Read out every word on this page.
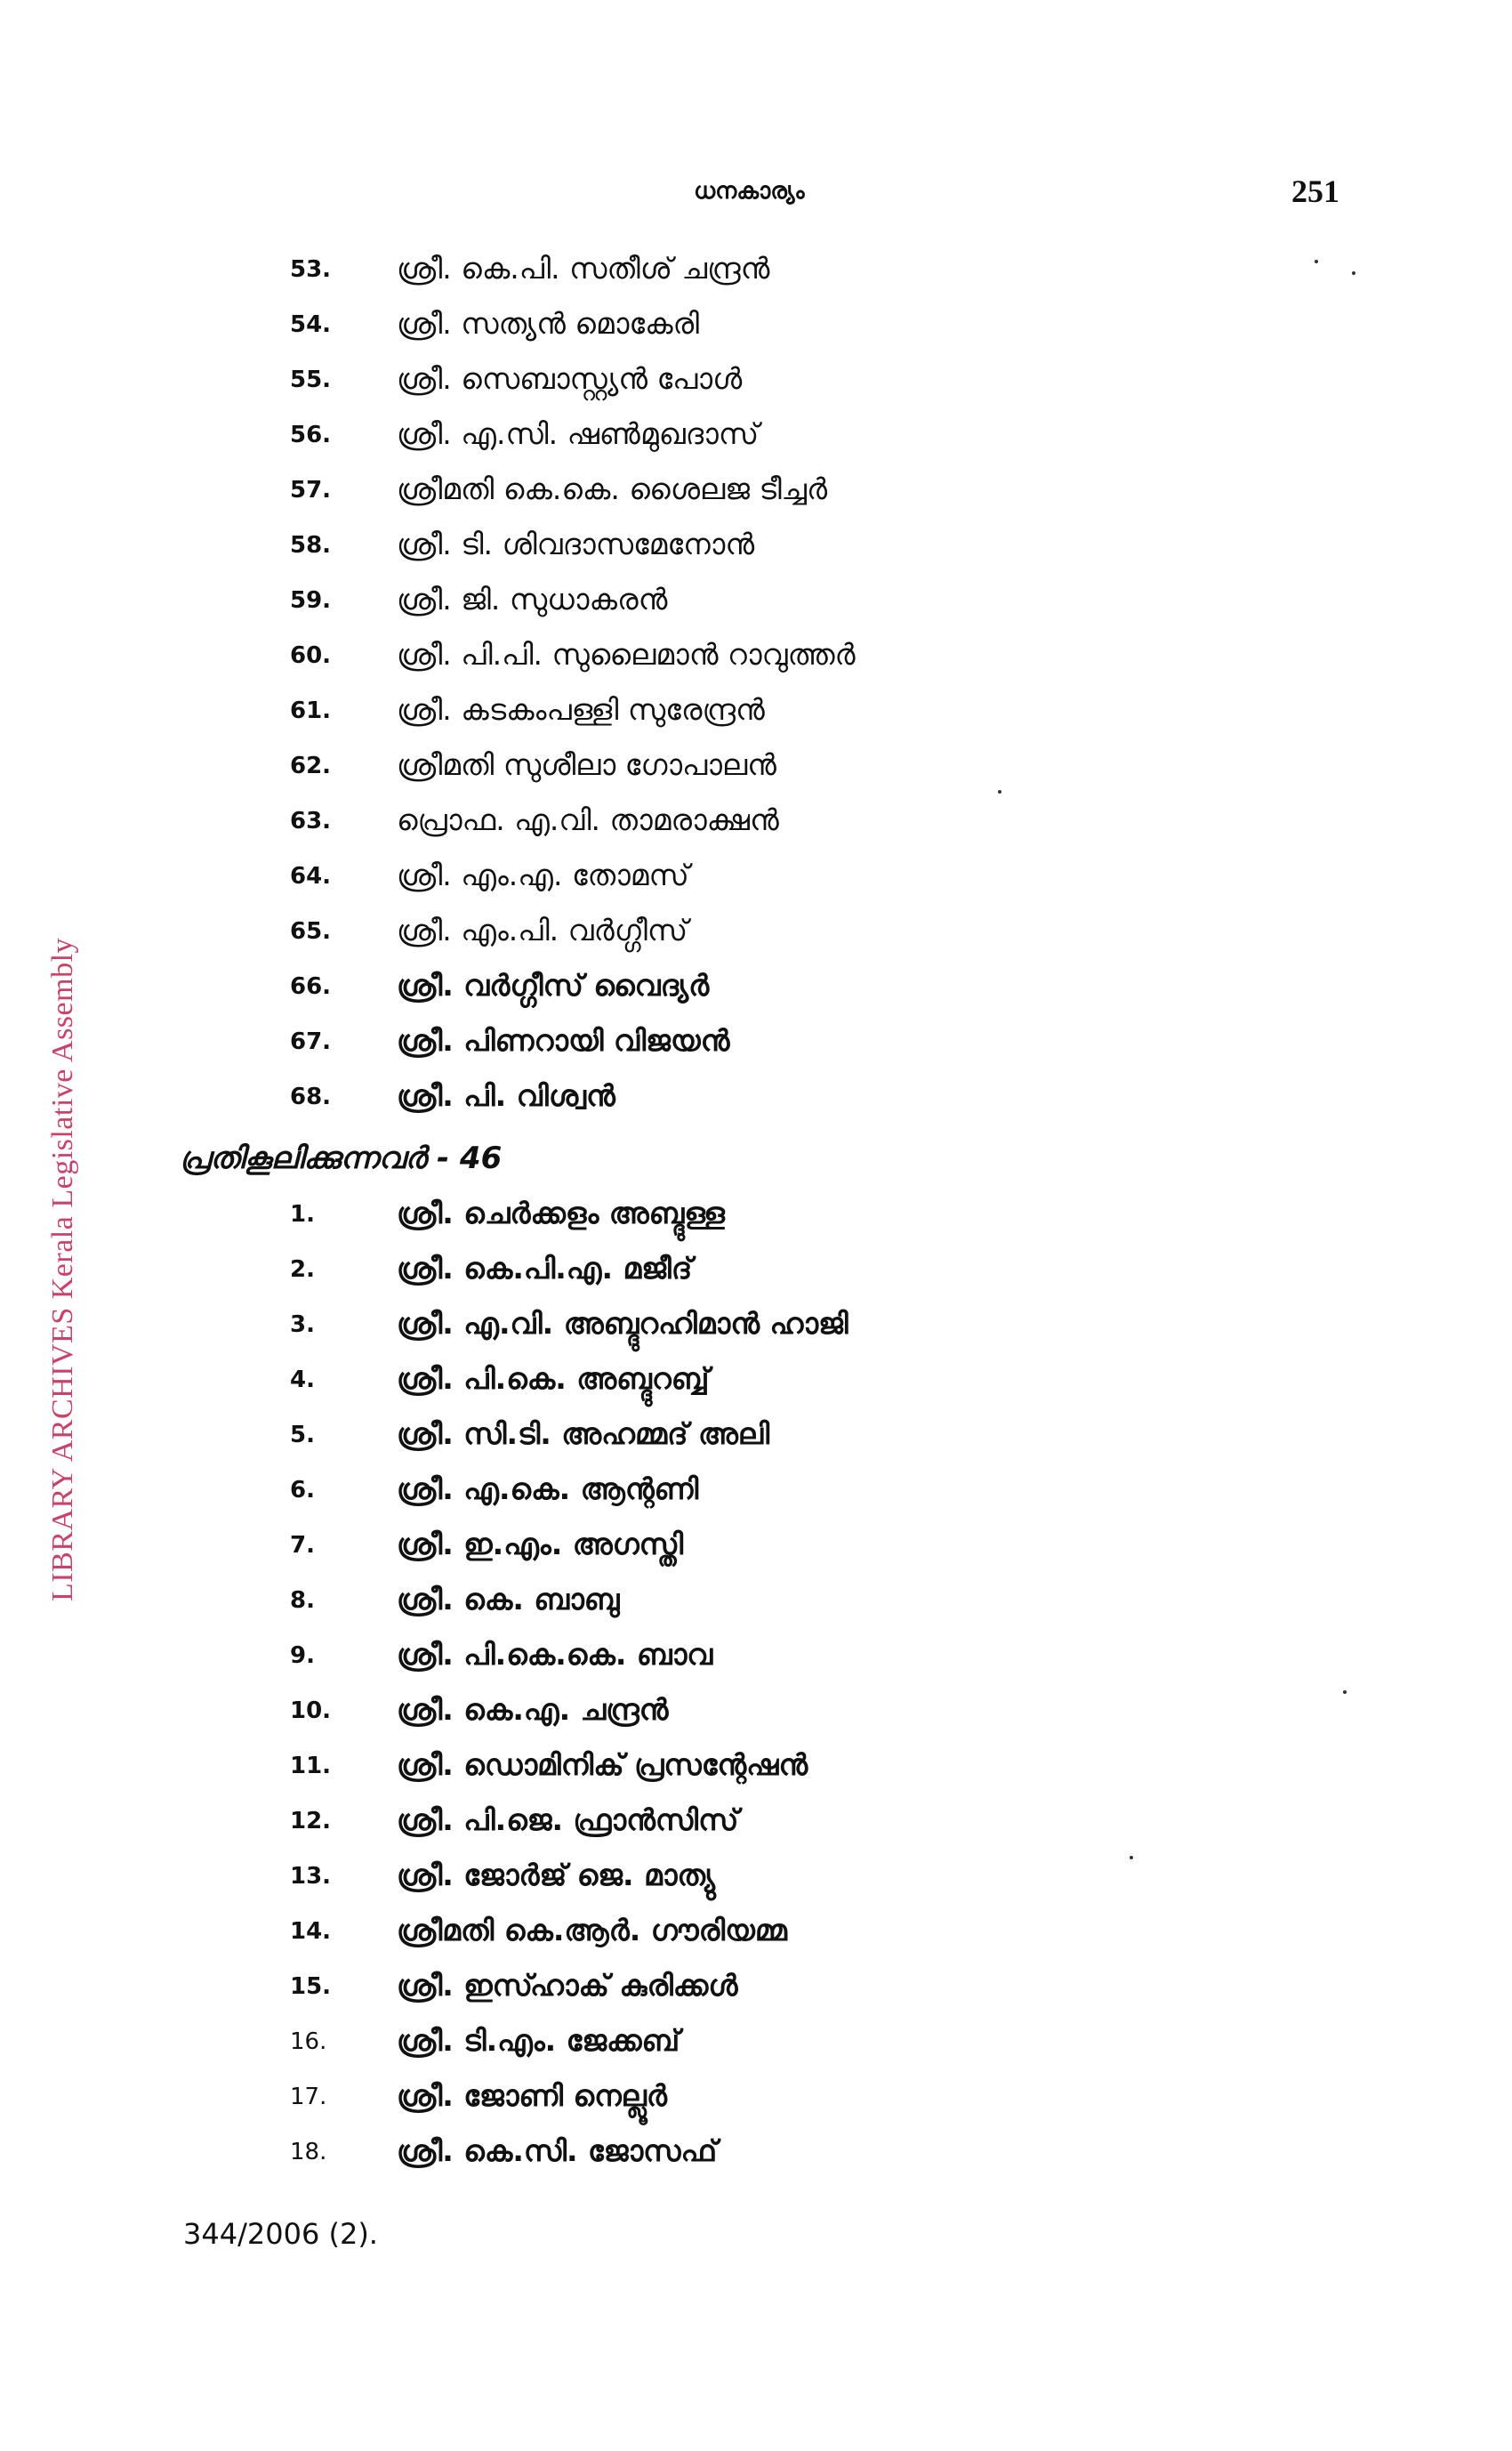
ധനകാര്യം	251
LIBRARY ARCHIVES Kerala Legislative Assembly
53. ശ്രീ. കെ.പി. സതീശ് ചന്ദ്രൻ
54. ശ്രീ. സത്യൻ മൊകേരി
55. ശ്രീ. സെബാസ്റ്റ്യൻ പോൾ
56. ശ്രീ. എ.സി. ഷൺമുഖദാസ്
57. ശ്രീമതി കെ.കെ. ശൈലജ ടീച്ചർ
58. ശ്രീ. ടി. ശിവദാസമേനോൻ
59. ശ്രീ. ജി. സുധാകരൻ
60. ശ്രീ. പി.പി. സുലൈമാൻ റാവുത്തർ
61. ശ്രീ. കടകംപള്ളി സുരേന്ദ്രൻ
62. ശ്രീമതി സുശീലാ ഗോപാലൻ
63. പ്രൊഫ. എ.വി. താമരാക്ഷൻ
64. ശ്രീ. എം.എ. തോമസ്
65. ശ്രീ. എം.പി. വർഗ്ഗീസ്
66. ശ്രീ. വർഗ്ഗീസ് വൈദ്യർ
67. ശ്രീ. പിണറായി വിജയൻ
68. ശ്രീ. പി. വിശ്വൻ
പ്രതികൂലിക്കുന്നവർ - 46
1.	ശ്രീ. ചെർക്കളം അബ്ദുള്ള
2.	ശ്രീ. കെ.പി.എ. മജീദ്
3.	ശ്രീ. എ.വി. അബ്ദുറഹിമാൻ ഹാജി
4.	ശ്രീ. പി.കെ. അബ്ദുറബ്ബ്
5.	ശ്രീ. സി.ടി. അഹമ്മദ് അലി
6.	ശ്രീ. എ.കെ. ആന്റണി
7.	ശ്രീ. ഇ.എം. അഗസ്തി
8.	ശ്രീ. കെ. ബാബു
9.	ശ്രീ. പി.കെ.കെ. ബാവ
10. ശ്രീ. കെ.എ. ചന്ദ്രൻ
11. ശ്രീ. ഡൊമിനിക് പ്രസന്റേഷൻ
12. ശ്രീ. പി.ജെ. ഫ്രാൻസിസ്
13. ശ്രീ. ജോർജ് ജെ. മാത്യു
14. ശ്രീമതി കെ.ആർ. ഗൗരിയമ്മ
15. ശ്രീ. ഇസ്ഹാക് കുരിക്കൾ
16. ശ്രീ. ടി.എം. ജേക്കബ്
17. ശ്രീ. ജോണി നെല്ലൂർ
18. ശ്രീ. കെ.സി. ജോസഫ്
344/2006 (2).
